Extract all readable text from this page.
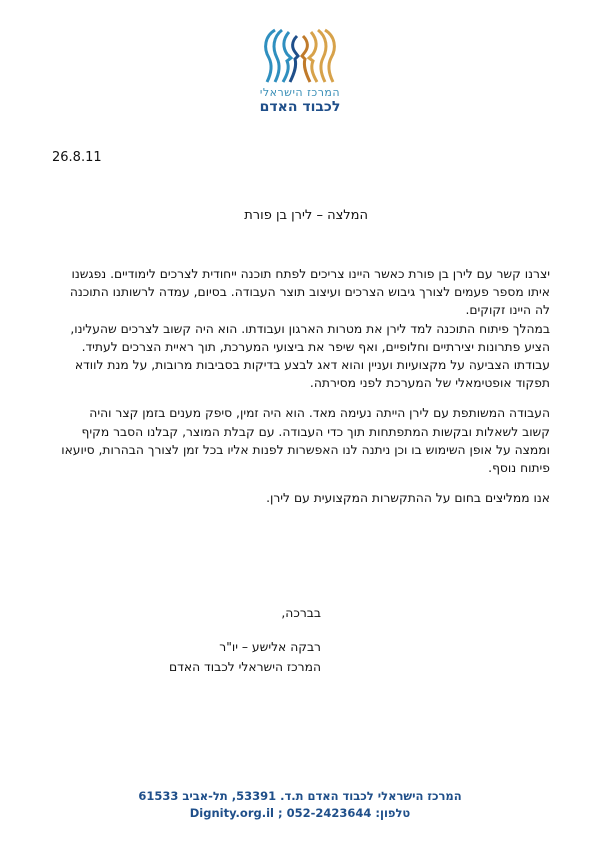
המרכז הישראלי
לכבוד האדם
26.8.11
המלצה – לירן בן פורת

יצרנו קשר עם לירן בן פורת כאשר היינו צריכים לפתח תוכנה ייחודית לצרכים לימודיים. נפגשנו

איתו מספר פעמים לצורך גיבוש הצרכים ועיצוב תוצר העבודה. בסיום, עמדה לרשותנו התוכנה

לה היינו זקוקים.

במהלך פיתוח התוכנה למד לירן את מטרות הארגון ועבודתו. הוא היה קשוב לצרכים שהעלינו,

הציע פתרונות יצירתיים וחלופיים, ואף שיפר את ביצועי המערכת, תוך ראיית הצרכים לעתיד.

עבודתו הצביעה על מקצועיות ועניין והוא דאג לבצע בדיקות בסביבות מרובות, על מנת לוודא

תפקוד אופטימאלי של המערכת לפני מסירתה.

העבודה המשותפת עם לירן הייתה נעימה מאד. הוא היה זמין, סיפק מענים בזמן קצר והיה

קשוב לשאלות ובקשות המתפתחות תוך כדי העבודה. עם קבלת המוצר, קבלנו הסבר מקיף

וממצה על אופן השימוש בו וכן ניתנה לנו האפשרות לפנות אליו בכל זמן לצורך הבהרות, סיועאו

פיתוח נוסף.

אנו ממליצים בחום על ההתקשרות המקצועית עם לירן.

בברכה,
רבקה אלישע – יו"ר
המרכז הישראלי לכבוד האדם
המרכז הישראלי לכבוד האדם ת.ד. 53391, תל-אביב 61533
טלפון: 052-2423644 ; Dignity.org.il
